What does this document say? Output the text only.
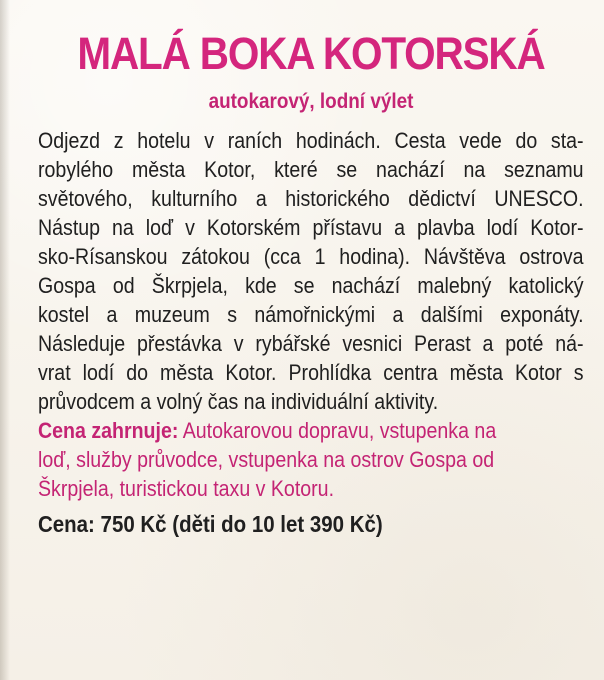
MALÁ BOKA KOTORSKÁ
autokarový, lodní výlet
Odjezd z hotelu v raních hodinách. Cesta vede do sta-
robylého města Kotor, které se nachází na seznamu
světového, kulturního a historického dědictví UNESCO.
Nástup na loď v Kotorském přístavu a plavba lodí Kotor-
sko-Rísanskou zátokou (cca 1 hodina). Návštěva ostrova
Gospa od Škrpjela, kde se nachází malebný katolický
kostel a muzeum s námořnickými a dalšími exponáty.
Následuje přestávka v rybářské vesnici Perast a poté ná-
vrat lodí do města Kotor. Prohlídka centra města Kotor s
průvodcem a volný čas na individuální aktivity.
Cena zahrnuje: Autokarovou dopravu, vstupenka na
loď, služby průvodce, vstupenka na ostrov Gospa od
Škrpjela, turistickou taxu v Kotoru.
Cena: 750 Kč (děti do 10 let 390 Kč)
